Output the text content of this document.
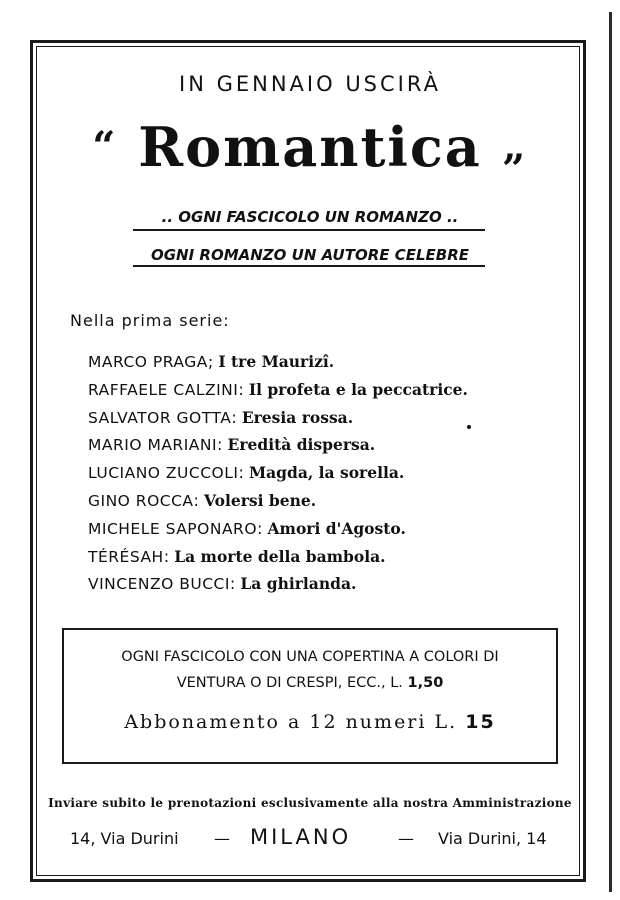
IN GENNAIO USCIRÀ
“ Romantica „
.. OGNI FASCICOLO UN ROMANZO ..
OGNI ROMANZO UN AUTORE CELEBRE
Nella prima serie:
MARCO PRAGA; I tre Maurizî.
RAFFAELE CALZINI: Il profeta e la peccatrice.
SALVATOR GOTTA: Eresia rossa.
MARIO MARIANI: Eredità dispersa.
LUCIANO ZUCCOLI: Magda, la sorella.
GINO ROCCA: Volersi bene.
MICHELE SAPONARO: Amori d'Agosto.
TÉRÉSAH: La morte della bambola.
VINCENZO BUCCI: La ghirlanda.
OGNI FASCICOLO CON UNA COPERTINA A COLORI DI
VENTURA O DI CRESPI, ECC., L. 1,50
Abbonamento a 12 numeri L. 15
Inviare subito le prenotazioni esclusivamente alla nostra Amministrazione
14, Via Durini — MILANO	— Via Durini, 14
